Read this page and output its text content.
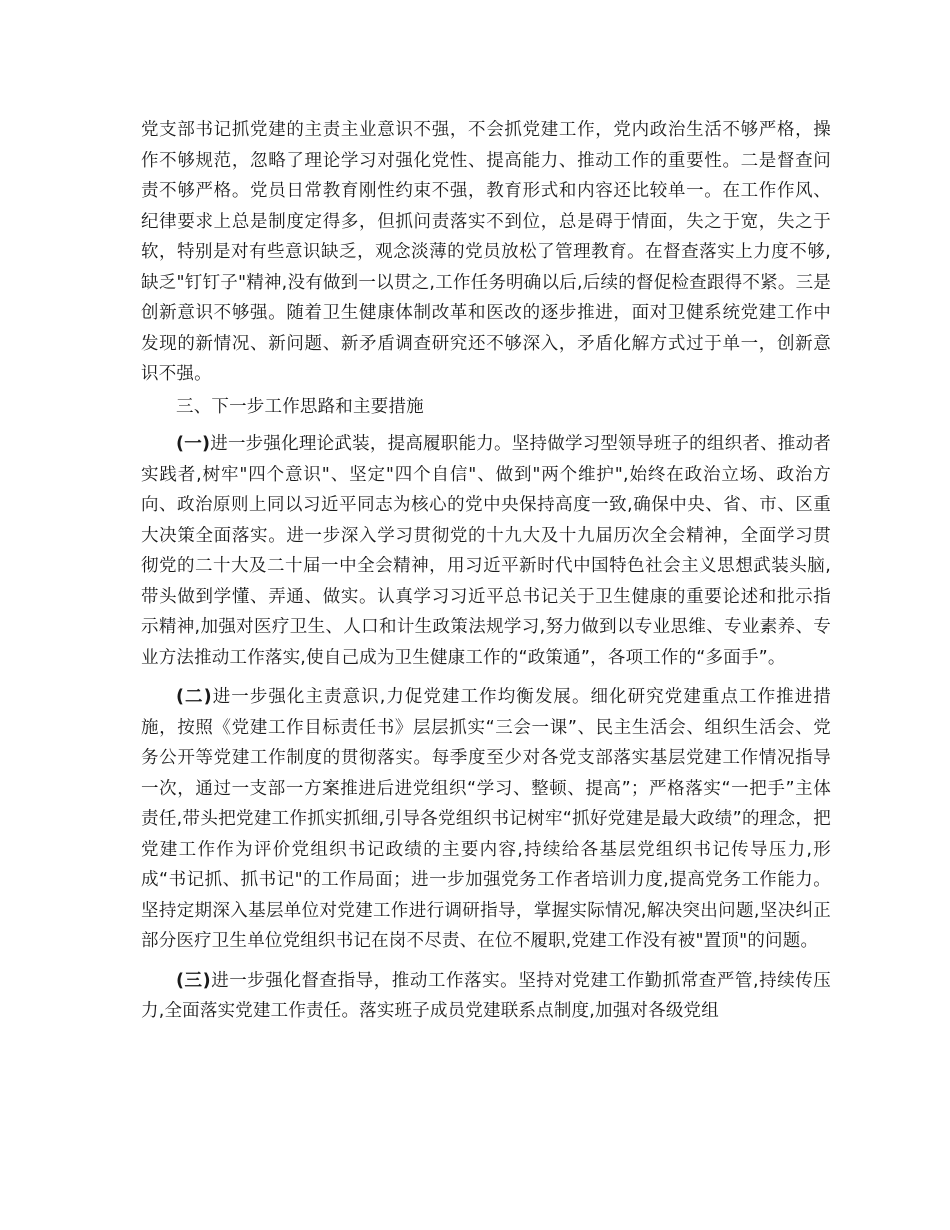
党支部书记抓党建的主责主业意识不强，不会抓党建工作，党内政治生活不够严格，操作不够规范，忽略了理论学习对强化党性、提高能力、推动工作的重要性。二是督查问责不够严格。党员日常教育刚性约束不强，教育形式和内容还比较单一。在工作作风、纪律要求上总是制度定得多，但抓问责落实不到位，总是碍于情面，失之于宽，失之于软，特别是对有些意识缺乏，观念淡薄的党员放松了管理教育。在督查落实上力度不够,缺乏"钉钉子"精神,没有做到一以贯之,工作任务明确以后,后续的督促检查跟得不紧。三是创新意识不够强。随着卫生健康体制改革和医改的逐步推进，面对卫健系统党建工作中发现的新情况、新问题、新矛盾调查研究还不够深入，矛盾化解方式过于单一，创新意识不强。

三、下一步工作思路和主要措施

(一)进一步强化理论武装，提高履职能力。坚持做学习型领导班子的组织者、推动者实践者,树牢"四个意识"、坚定"四个自信"、做到"两个维护",始终在政治立场、政治方向、政治原则上同以习近平同志为核心的党中央保持高度一致,确保中央、省、市、区重大决策全面落实。进一步深入学习贯彻党的十九大及十九届历次全会精神，全面学习贯彻党的二十大及二十届一中全会精神，用习近平新时代中国特色社会主义思想武装头脑,带头做到学懂、弄通、做实。认真学习习近平总书记关于卫生健康的重要论述和批示指示精神,加强对医疗卫生、人口和计生政策法规学习,努力做到以专业思维、专业素养、专业方法推动工作落实,使自己成为卫生健康工作的“政策通”，各项工作的“多面手”。

(二)进一步强化主责意识,力促党建工作均衡发展。细化研究党建重点工作推进措施，按照《党建工作目标责任书》层层抓实“三会一课”、民主生活会、组织生活会、党务公开等党建工作制度的贯彻落实。每季度至少对各党支部落实基层党建工作情况指导一次，通过一支部一方案推进后进党组织“学习、整顿、提高”；严格落实“一把手”主体责任,带头把党建工作抓实抓细,引导各党组织书记树牢“抓好党建是最大政绩”的理念，把党建工作作为评价党组织书记政绩的主要内容,持续给各基层党组织书记传导压力,形成“书记抓、抓书记"的工作局面；进一步加强党务工作者培训力度,提高党务工作能力。坚持定期深入基层单位对党建工作进行调研指导，掌握实际情况,解决突出问题,坚决纠正部分医疗卫生单位党组织书记在岗不尽责、在位不履职,党建工作没有被"置顶"的问题。

(三)进一步强化督查指导，推动工作落实。坚持对党建工作勤抓常查严管,持续传压力,全面落实党建工作责任。落实班子成员党建联系点制度,加强对各级党组
